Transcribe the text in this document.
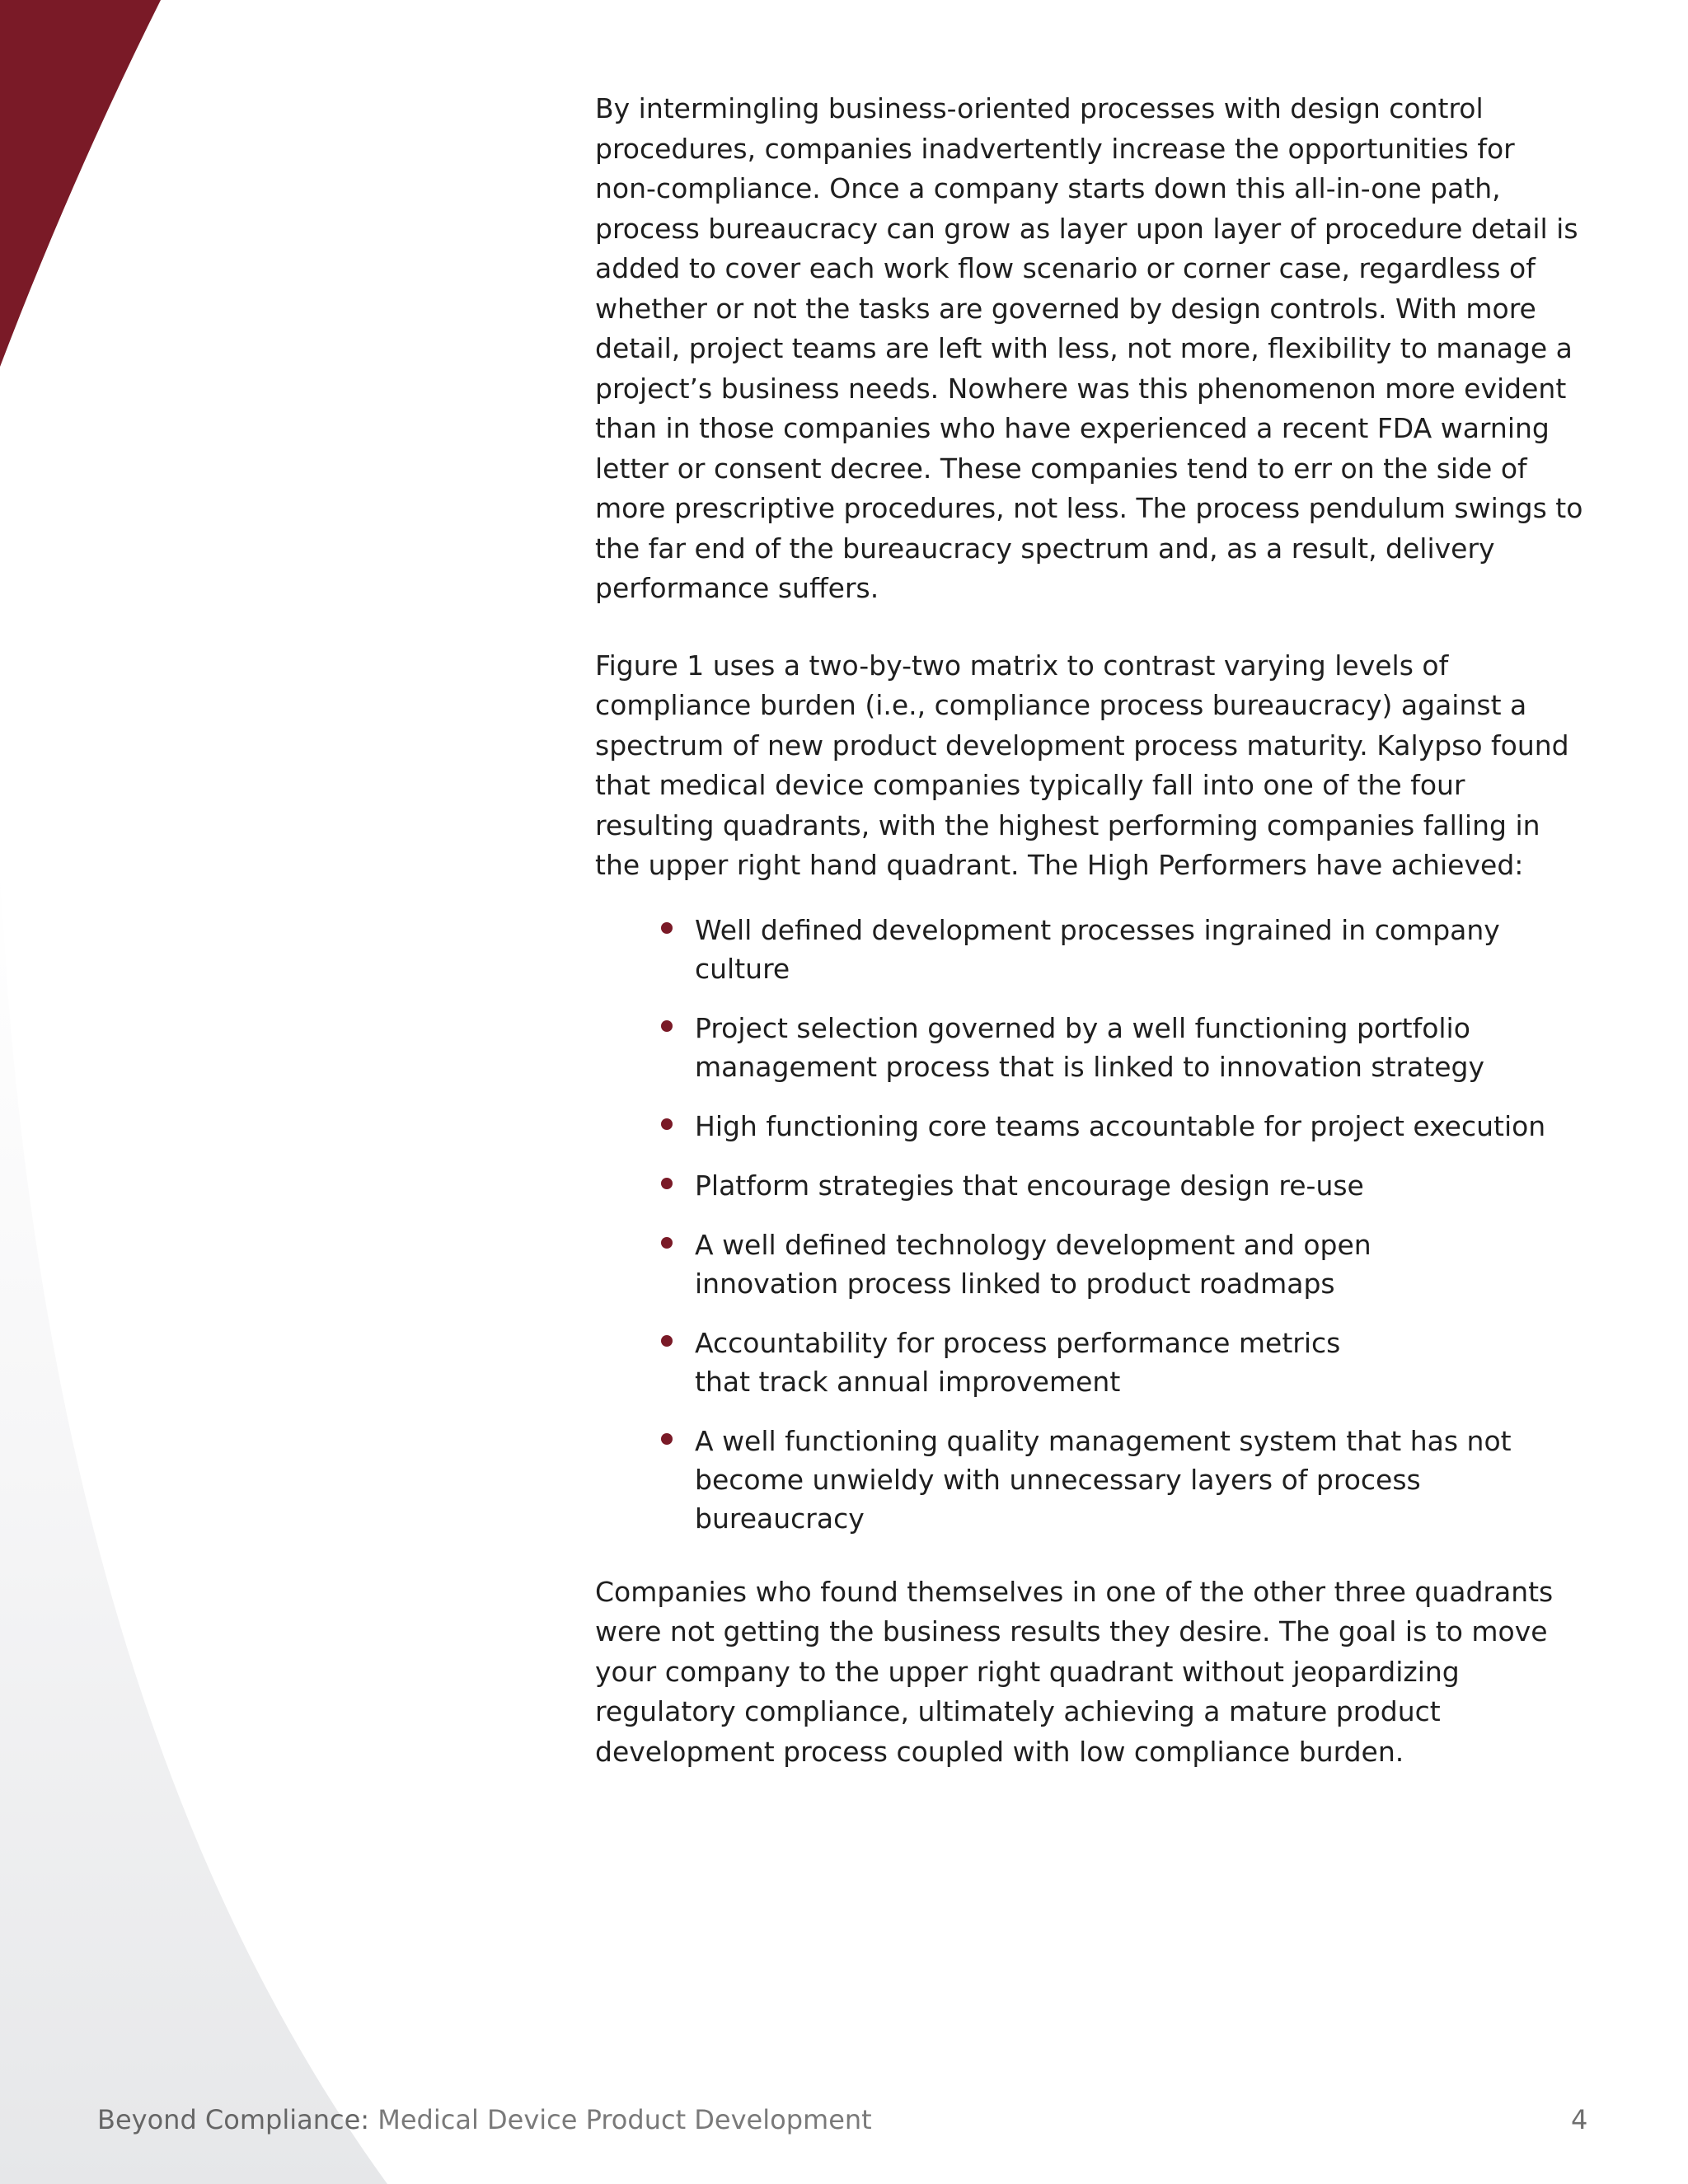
By intermingling business-oriented processes with design control procedures, companies inadvertently increase the opportunities for non-compliance. Once a company starts down this all-in-one path, process bureaucracy can grow as layer upon layer of procedure detail is added to cover each work flow scenario or corner case, regardless of whether or not the tasks are governed by design controls. With more detail, project teams are left with less, not more, flexibility to manage a project’s business needs. Nowhere was this phenomenon more evident than in those companies who have experienced a recent FDA warning letter or consent decree. These companies tend to err on the side of more prescriptive procedures, not less. The process pendulum swings to the far end of the bureaucracy spectrum and, as a result, delivery performance suffers.

Figure 1 uses a two-by-two matrix to contrast varying levels of compliance burden (i.e., compliance process bureaucracy) against a spectrum of new product development process maturity. Kalypso found that medical device companies typically fall into one of the four resulting quadrants, with the highest performing companies falling in the upper right hand quadrant. The High Performers have achieved:

Well defined development processes ingrained in company culture
Project selection governed by a well functioning portfolio management process that is linked to innovation strategy
High functioning core teams accountable for project execution
Platform strategies that encourage design re-use
A well defined technology development and open innovation process linked to product roadmaps
Accountability for process performance metrics that track annual improvement
A well functioning quality management system that has not become unwieldy with unnecessary layers of process bureaucracy

Companies who found themselves in one of the other three quadrants were not getting the business results they desire. The goal is to move your company to the upper right quadrant without jeopardizing regulatory compliance, ultimately achieving a mature product development process coupled with low compliance burden.

Beyond Compliance: Medical Device Product Development	4
